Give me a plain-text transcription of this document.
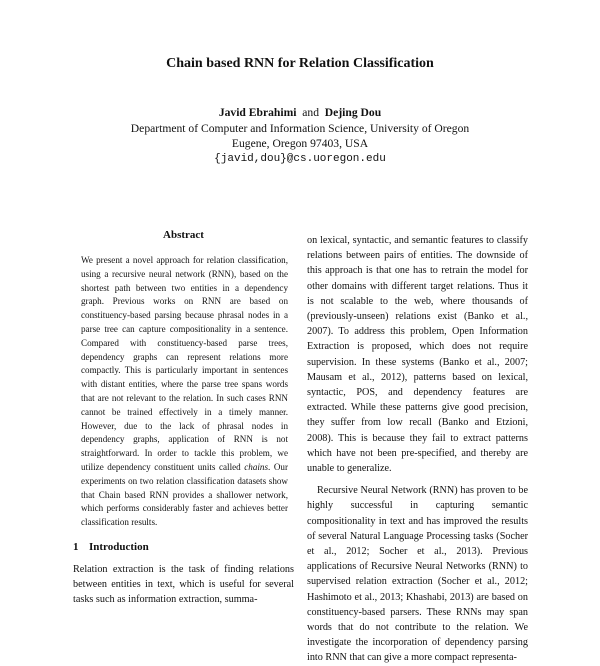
Chain based RNN for Relation Classification
Javid Ebrahimi and Dejing Dou
Department of Computer and Information Science, University of Oregon
Eugene, Oregon 97403, USA
{javid,dou}@cs.uoregon.edu
Abstract

We present a novel approach for relation classification, using a recursive neural network (RNN), based on the shortest path between two entities in a dependency graph. Previous works on RNN are based on constituency-based parsing because phrasal nodes in a parse tree can capture compositionality in a sentence. Compared with constituency-based parse trees, dependency graphs can represent relations more compactly. This is particularly important in sentences with distant entities, where the parse tree spans words that are not relevant to the relation. In such cases RNN cannot be trained effectively in a timely manner. However, due to the lack of phrasal nodes in dependency graphs, application of RNN is not straightforward. In order to tackle this problem, we utilize dependency constituent units called chains. Our experiments on two relation classification datasets show that Chain based RNN provides a shallower network, which performs considerably faster and achieves better classification results.

1 Introduction

Relation extraction is the task of finding relations between entities in text, which is useful for several tasks such as information extraction, summa-

on lexical, syntactic, and semantic features to classify relations between pairs of entities. The downside of this approach is that one has to retrain the model for other domains with different target relations. Thus it is not scalable to the web, where thousands of (previously-unseen) relations exist (Banko et al., 2007). To address this problem, Open Information Extraction is proposed, which does not require supervision. In these systems (Banko et al., 2007; Mausam et al., 2012), patterns based on lexical, syntactic, POS, and dependency features are extracted. While these patterns give good precision, they suffer from low recall (Banko and Etzioni, 2008). This is because they fail to extract patterns which have not been pre-specified, and thereby are unable to generalize.

Recursive Neural Network (RNN) has proven to be highly successful in capturing semantic compositionality in text and has improved the results of several Natural Language Processing tasks (Socher et al., 2012; Socher et al., 2013). Previous applications of Recursive Neural Networks (RNN) to supervised relation extraction (Socher et al., 2012; Hashimoto et al., 2013; Khashabi, 2013) are based on constituency-based parsers. These RNNs may span words that do not contribute to the relation. We investigate the incorporation of dependency parsing into RNN that can give a more compact representa-
